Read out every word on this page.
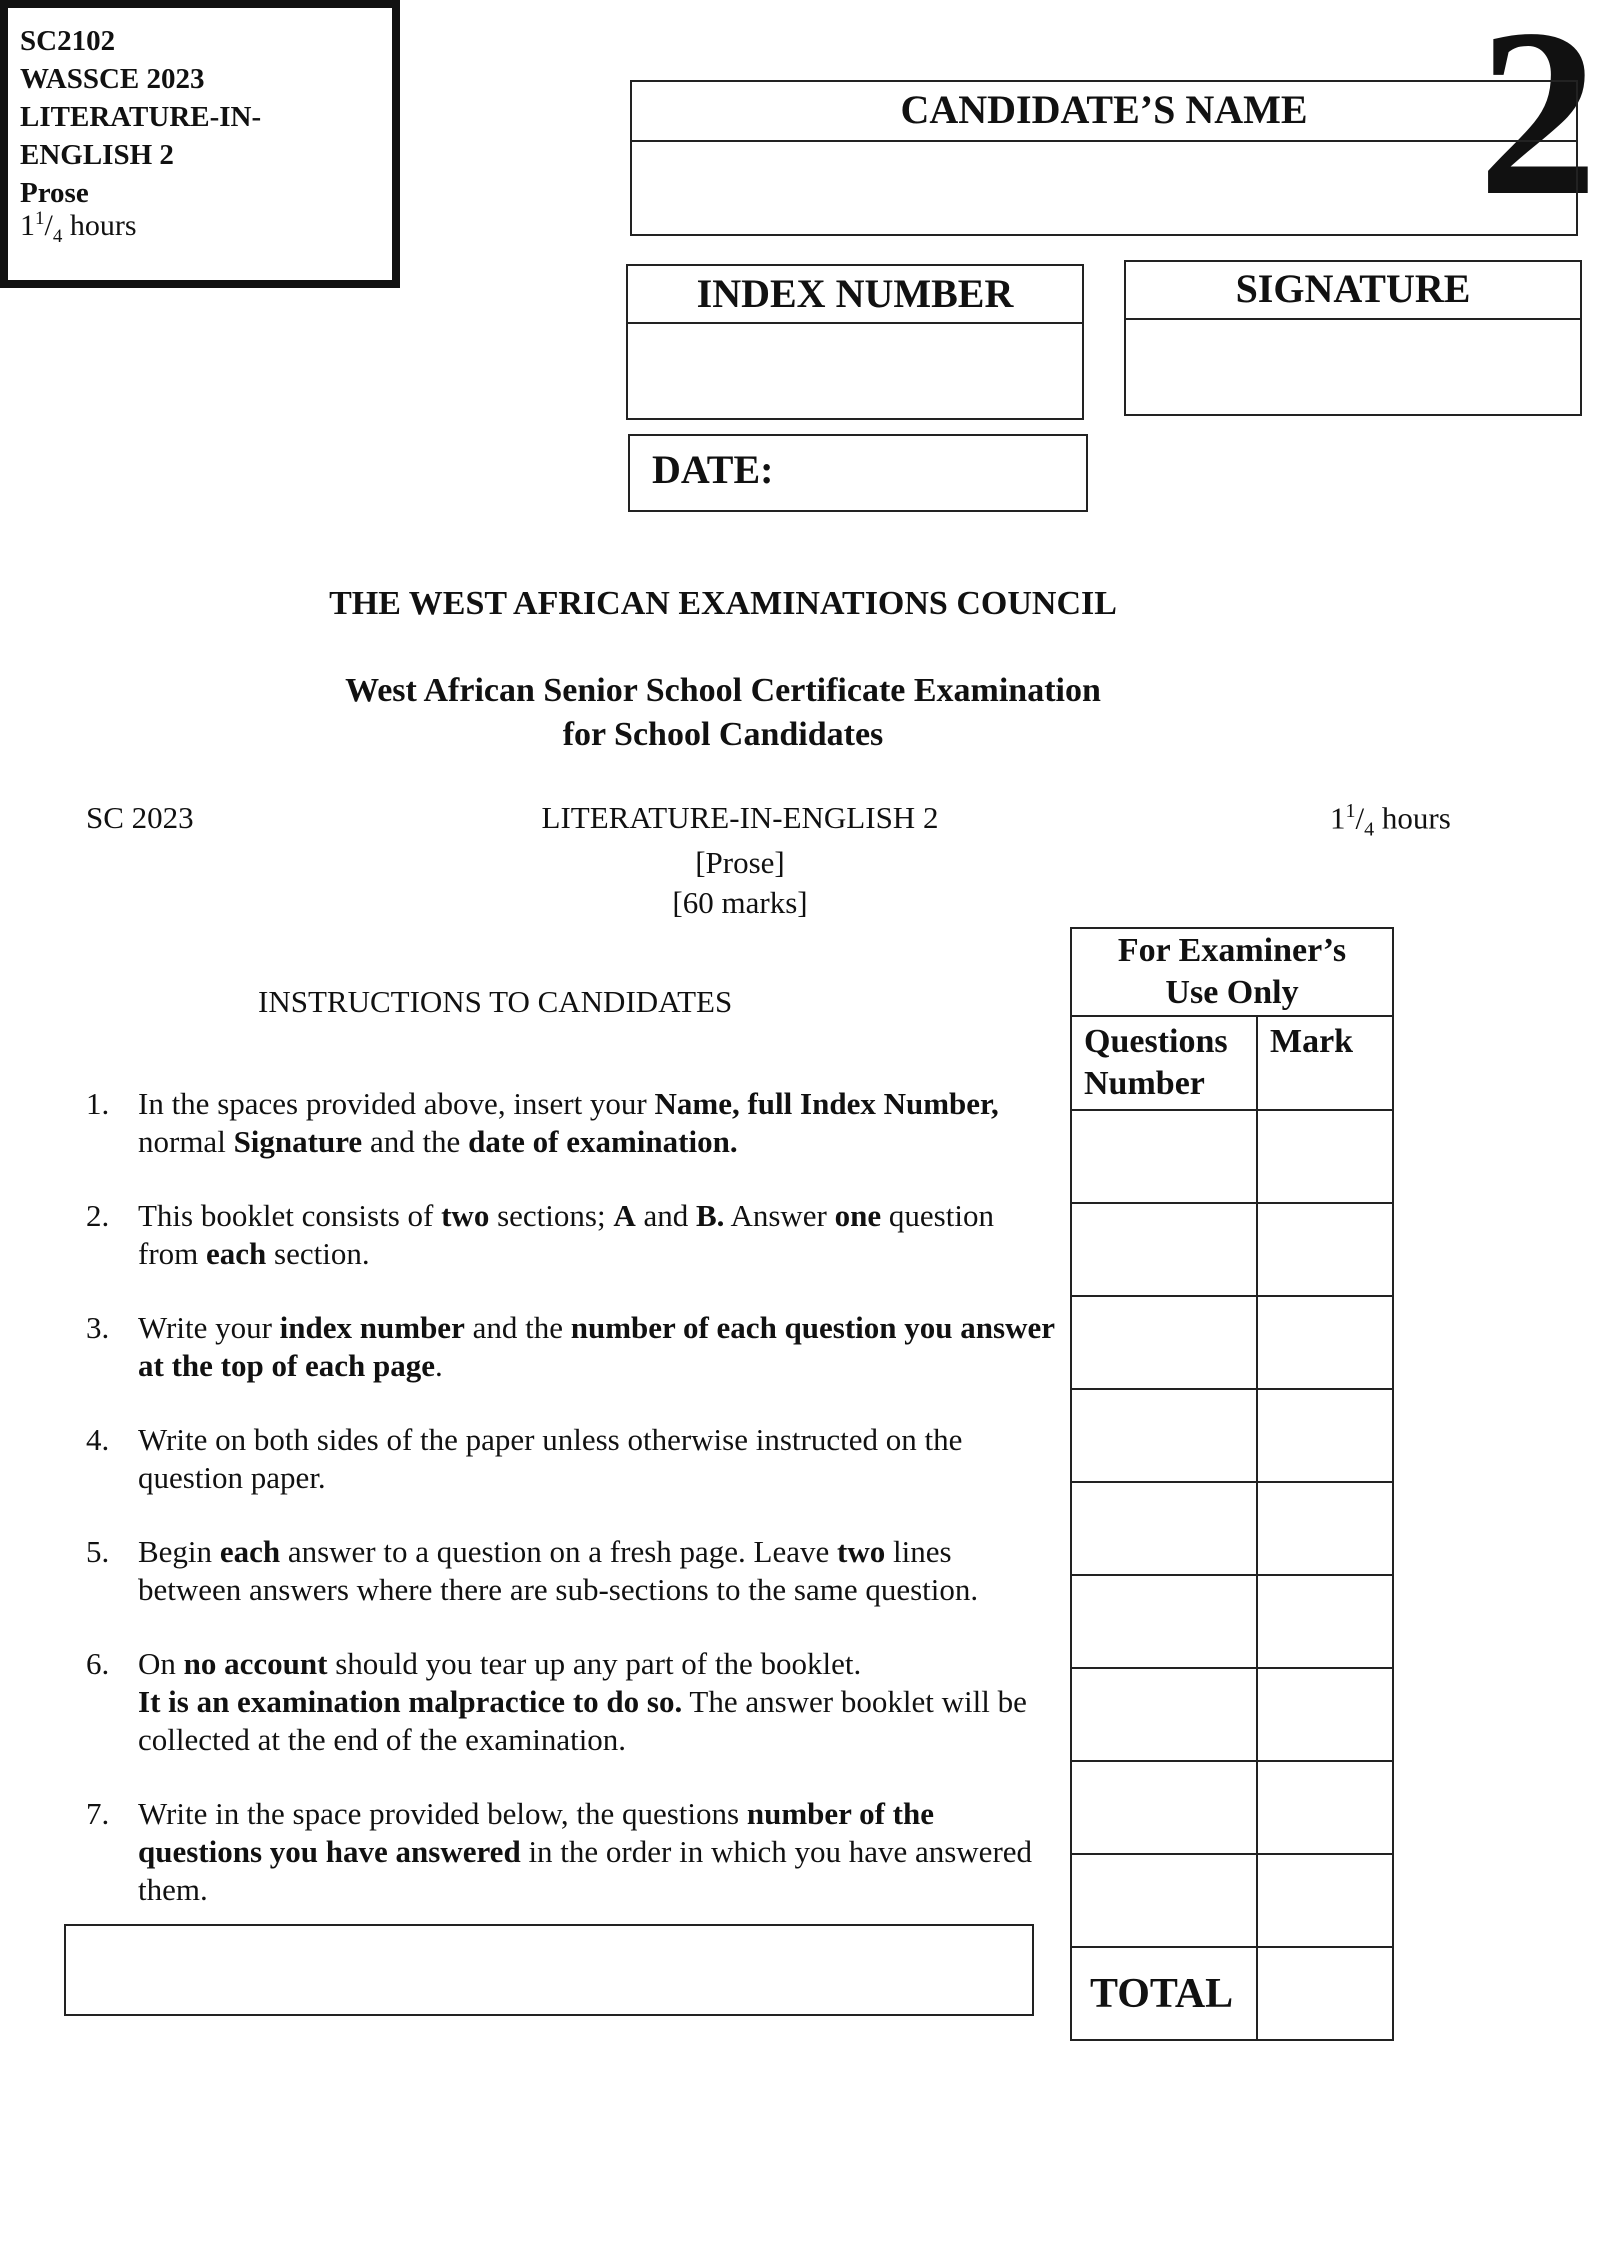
SC2102
WASSCE 2023
LITERATURE-IN-
ENGLISH 2
Prose
$1^1/_4$ hours	2
CANDIDATE’S NAME
INDEX NUMBER	SIGNATURE
DATE:
THE WEST AFRICAN EXAMINATIONS COUNCIL
West African Senior School Certificate Examination
for School Candidates
SC 2023	LITERATURE-IN-ENGLISH 2
[Prose]
[60 marks]
$1^1/_4$ hours
INSTRUCTIONS TO CANDIDATES
1. In the spaces provided above, insert your Name, full Index Number, normal Signature and the date of examination.
2. This booklet consists of two sections; A and B. Answer one question from each section.
3. Write your index number and the number of each question you answer at the top of each page.
4. Write on both sides of the paper unless otherwise instructed on the question paper.
5. Begin each answer to a question on a fresh page. Leave two lines between answers where there are sub-sections to the same question.
6. On no account should you tear up any part of the booklet.
It is an examination malpractice to do so. The answer booklet will be collected at the end of the examination.
7. Write in the space provided below, the questions number of the questions you have answered in the order in which you have answered them.
For Examiner’s
Use Only	

Questions
Number	Mark

TOTAL	
